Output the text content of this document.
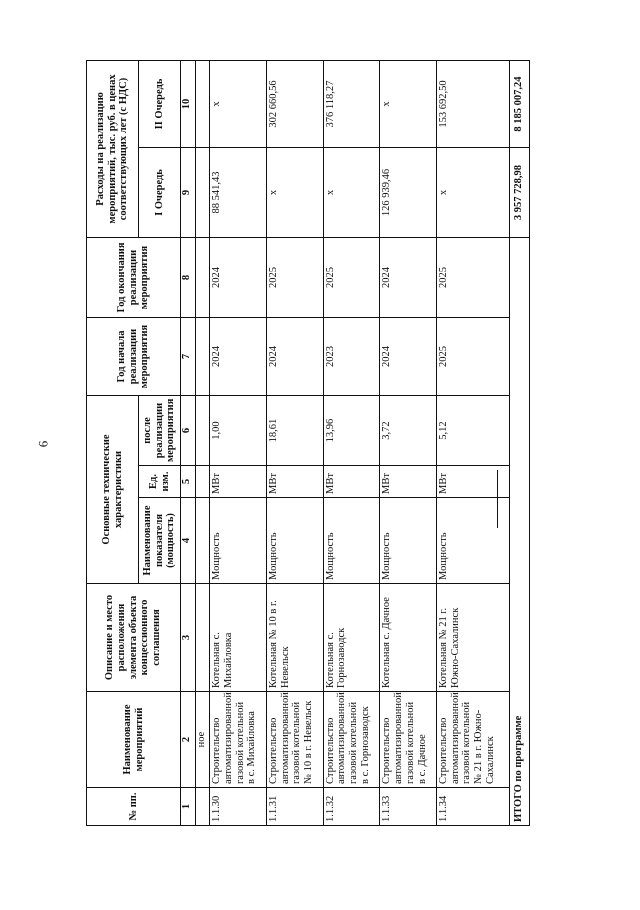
6
№ пп.	Наименование мероприятий	Описание и место расположения элемента объекта концессионного соглашения	Основные технические характеристики			Год начала реализации мероприятия	Год окончания реализации мероприятия	Расходы на реализацию мероприятий, тыс. руб. в ценах соответствующих лет (с НДС)	
			Наименование показателя (мощность)	Ед. изм.	после реализации мероприятия			I Очередь	II Очередь
1	2	3	4	5	6	7	8	9	10
	ное								
1.1.30	Строительство автоматизированной газовой котельной в с. Михайловка	Котельная с. Михайловка	Мощность	МВт	1,00	2024	2024	88 541,43	x
1.1.31	Строительство автоматизированной газовой котельной № 10 в г. Невельск	Котельная № 10 в г. Невельск	Мощность	МВт	18,61	2024	2025	x	302 660,56
1.1.32	Строительство автоматизированной газовой котельной в с. Горнозаводск	Котельная с. Горнозаводск	Мощность	МВт	13,96	2023	2025	x	376 118,27
1.1.33	Строительство автоматизированной газовой котельной в с. Дачное	Котельная с. Дачное	Мощность	МВт	3,72	2024	2024	126 939,46	x
1.1.34	Строительство автоматизированной газовой котельной № 21 в г. Южно-Сахалинск	Котельная № 21 г. Южно-Сахалинск	Мощность	МВт	5,12	2025	2025	x	153 692,50
ИТОГО по программе								3 957 728,98	8 185 007,24
